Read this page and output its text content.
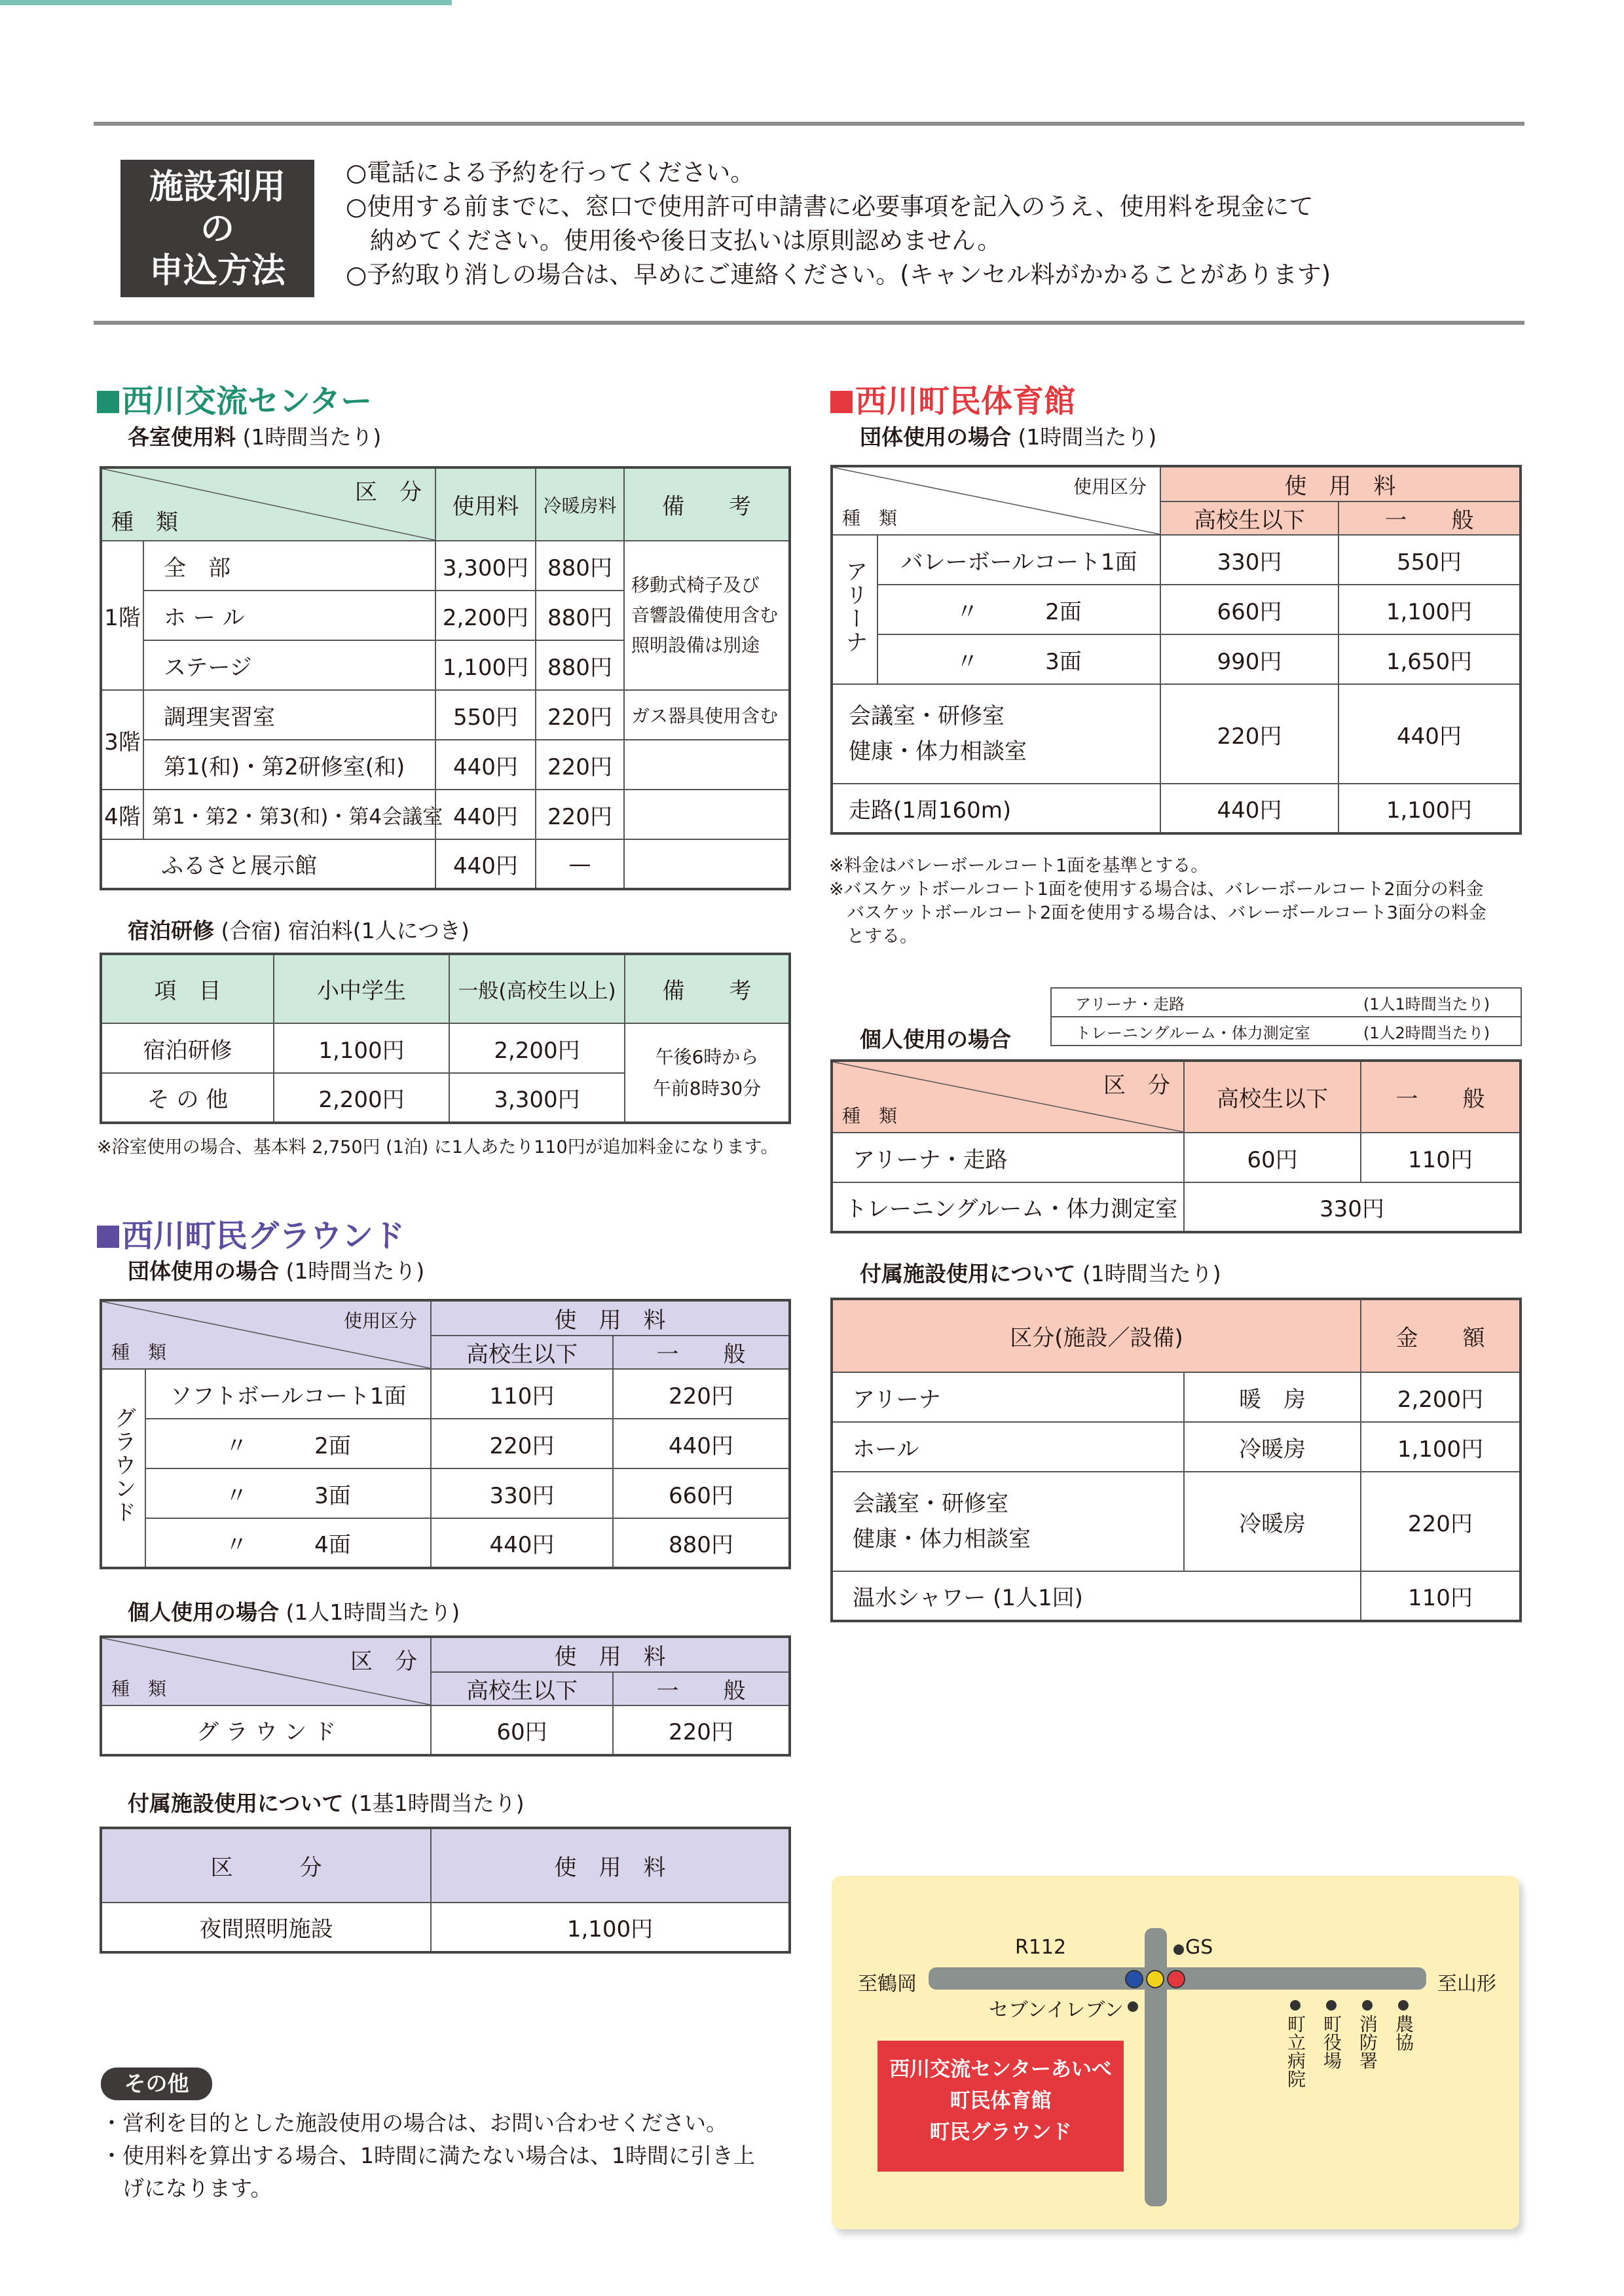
施設利用
の
申込方法
○電話による予約を行ってください。
○使用する前までに、窓口で使用許可申請書に必要事項を記入のうえ、使用料を現金にて
　納めてください。使用後や後日支払いは原則認めません。
○予約取り消しの場合は、早めにご連絡ください。(キャンセル料がかかることがあります)
西川交流センター
各室使用料 (1時間当たり)
区　分
種　類		使用料	冷暖房料	備　　考
1階	全　部	3,300円	880円	移動式椅子及び
音響設備使用含む
照明設備は別途

	ホ ー ル	2,200円	880円	
	ステージ	1,100円	880円	
3階	調理実習室	550円	220円	ガス器具使用含む
	第1(和)・第2研修室(和)	440円	220円	
4階	第1・第2・第3(和)・第4会議室	440円	220円	
ふるさと展示館		440円	—	
宿泊研修 (合宿) 宿泊料(1人につき)
項　目	小中学生	一般(高校生以上)	備　　考
宿泊研修	1,100円	2,200円	午後6時から
午前8時30分

そ の 他	2,200円	3,300円	
※浴室使用の場合、基本料 2,750円 (1泊) に1人あたり110円が追加料金になります。
西川町民グラウンド
団体使用の場合 (1時間当たり)
使用区分
種　類		使　用　料	
		高校生以下	一　　般
グラウンド	ソフトボールコート1面	110円	220円
	〃　　　2面	220円	440円
	〃　　　3面	330円	660円
	〃　　　4面	440円	880円
個人使用の場合 (1人1時間当たり)
区　分
種　類	使　用　料	
	高校生以下	一　　般
グ ラ ウ ン ド	60円	220円
付属施設使用について (1基1時間当たり)
区　　　分	使　用　料
夜間照明施設	1,100円
西川町民体育館
団体使用の場合 (1時間当たり)
使用区分
種　類		使　用　料	
		高校生以下	一　　般
アリーナ	バレーボールコート1面	330円	550円
	〃　　　2面	660円	1,100円
	〃　　　3面	990円	1,650円

会議室・研修室
健康・体力相談室		220円	440円
走路(1周160m)		440円	1,100円
※料金はバレーボールコート1面を基準とする。
※バスケットボールコート1面を使用する場合は、バレーボールコート2面分の料金
　バスケットボールコート2面を使用する場合は、バレーボールコート3面分の料金
　とする。
個人使用の場合
アリーナ・走路	(1人1時間当たり)
トレーニングルーム・体力測定室	(1人2時間当たり)
区　分
種　類	高校生以下	一　　般
アリーナ・走路	60円	110円
トレーニングルーム・体力測定室	330円	
付属施設使用について (1時間当たり)
区分(施設／設備)		金　　額
アリーナ	暖　房	2,200円
ホール	冷暖房	1,100円

会議室・研修室
健康・体力相談室	冷暖房	220円
温水シャワー (1人1回)		110円
その他
・営利を目的とした施設使用の場合は、お問い合わせください。
・使用料を算出する場合、1時間に満たない場合は、1時間に引き上
　げになります。
R112
至鶴岡	至山形
GS
セブンイレブン
町立病院 町役場 消防署 農協
西川交流センターあいべ
町民体育館
町民グラウンド
